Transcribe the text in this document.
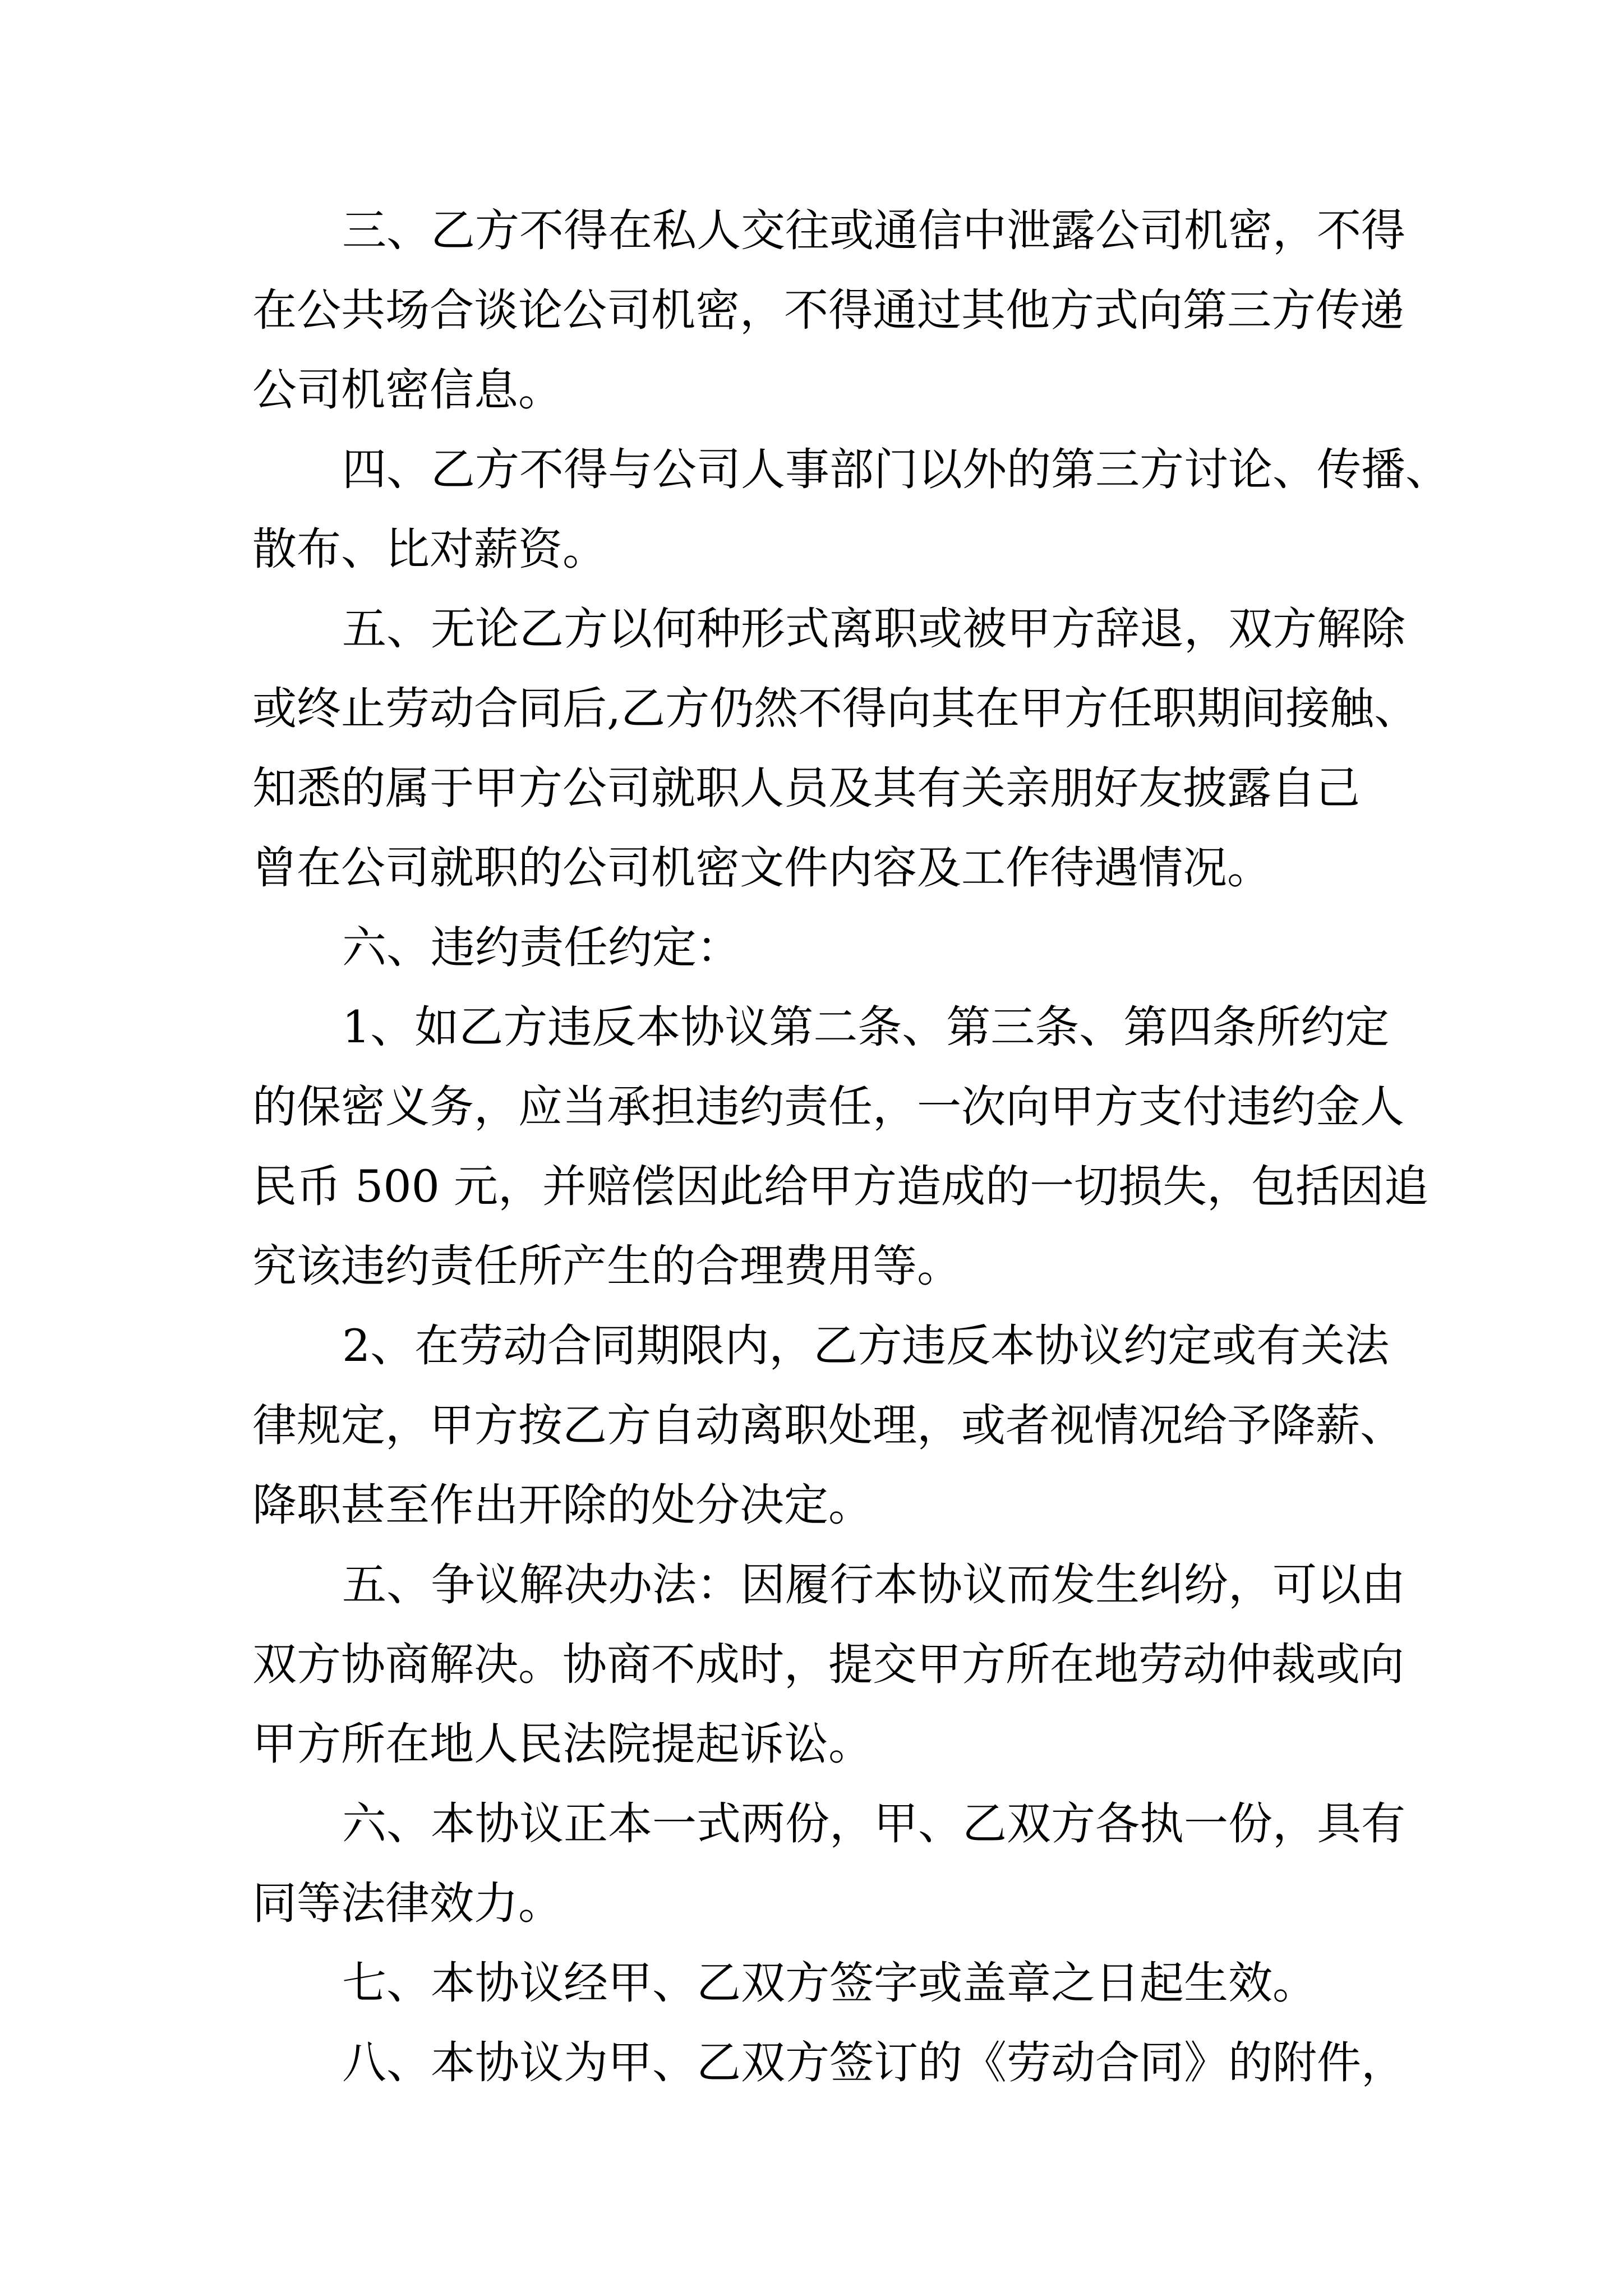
三、乙方不得在私人交往或通信中泄露公司机密，不得
在公共场合谈论公司机密，不得通过其他方式向第三方传递
公司机密信息。
四、乙方不得与公司人事部门以外的第三方讨论、传播、
散布、比对薪资。
五、无论乙方以何种形式离职或被甲方辞退，双方解除
或终止劳动合同后,乙方仍然不得向其在甲方任职期间接触、
知悉的属于甲方公司就职人员及其有关亲朋好友披露自己
曾在公司就职的公司机密文件内容及工作待遇情况。
六、违约责任约定：
1、如乙方违反本协议第二条、第三条、第四条所约定
的保密义务，应当承担违约责任，一次向甲方支付违约金人
民币 500 元，并赔偿因此给甲方造成的一切损失，包括因追
究该违约责任所产生的合理费用等。
2、在劳动合同期限内，乙方违反本协议约定或有关法
律规定，甲方按乙方自动离职处理，或者视情况给予降薪、
降职甚至作出开除的处分决定。
五、争议解决办法：因履行本协议而发生纠纷，可以由
双方协商解决。协商不成时，提交甲方所在地劳动仲裁或向
甲方所在地人民法院提起诉讼。
六、本协议正本一式两份，甲、乙双方各执一份，具有
同等法律效力。
七、本协议经甲、乙双方签字或盖章之日起生效。
八、本协议为甲、乙双方签订的《劳动合同》的附件，
